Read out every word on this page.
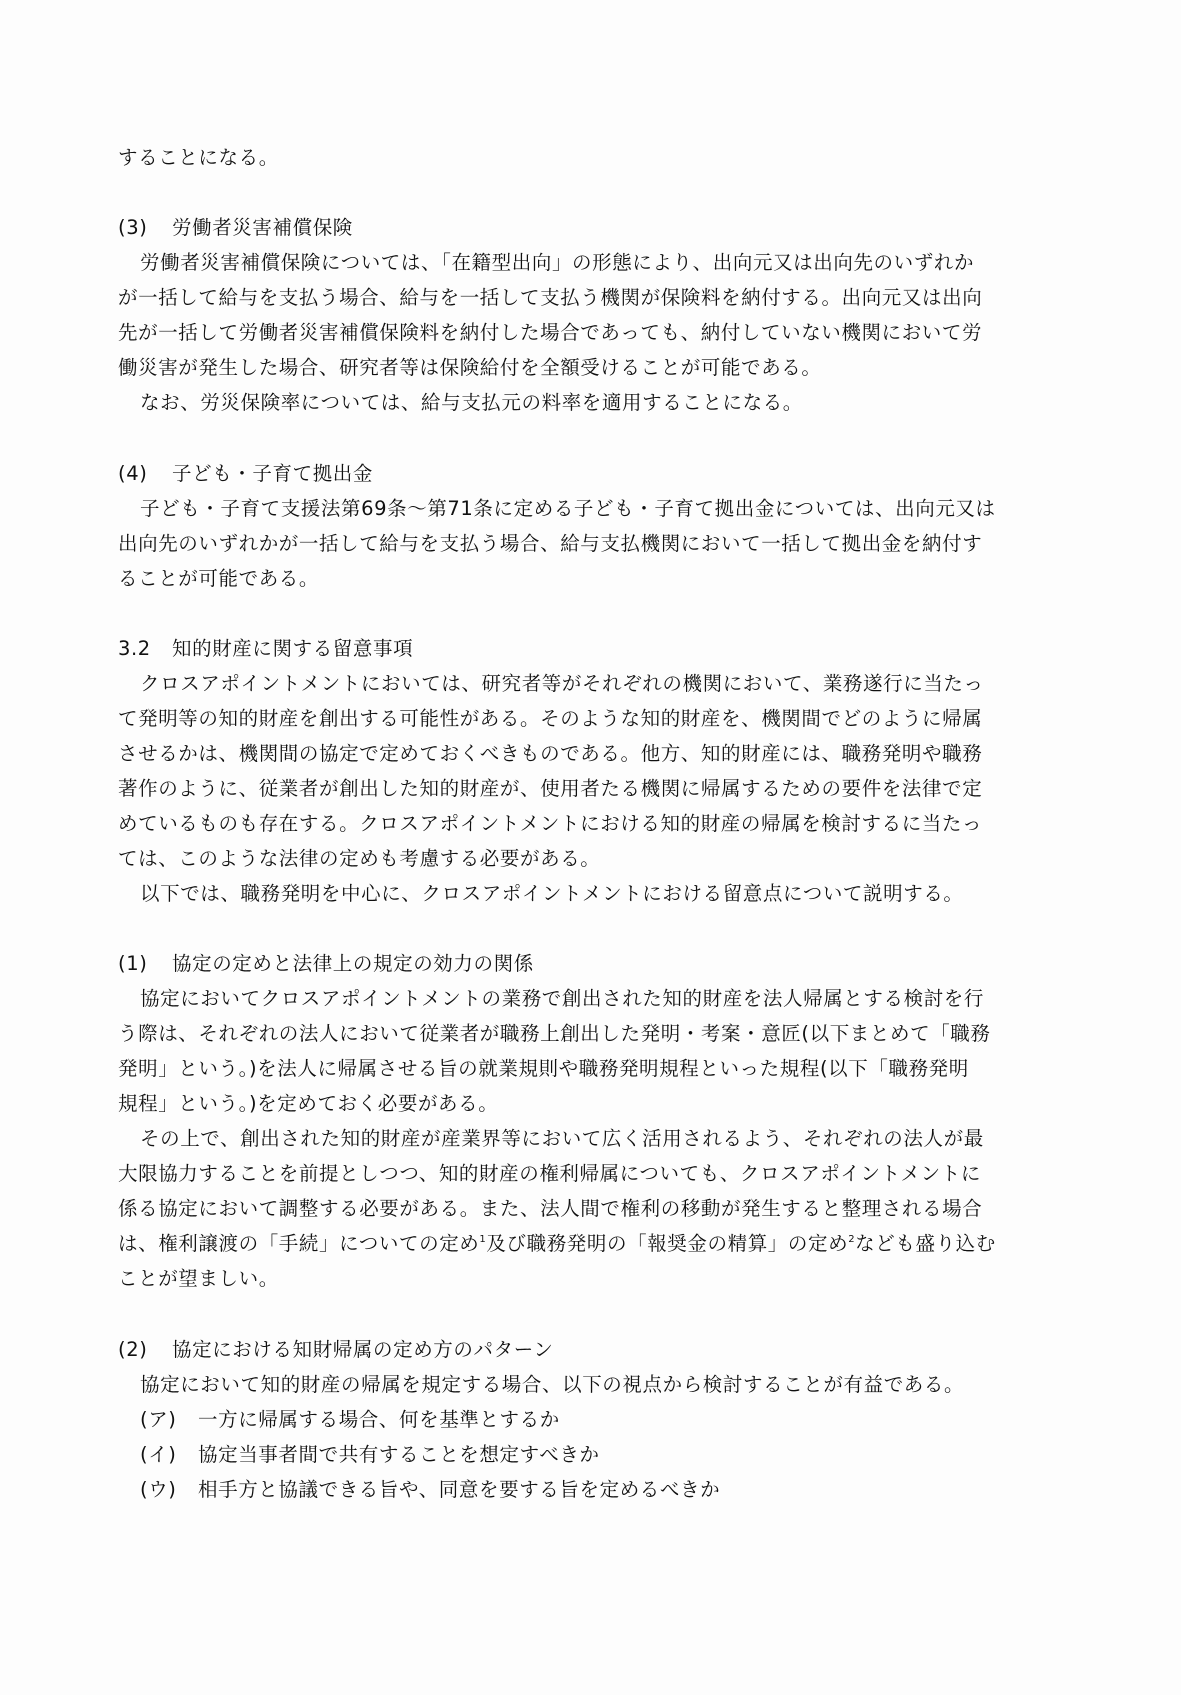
することになる。
(3) 労働者災害補償保険
労働者災害補償保険については、「在籍型出向」の形態により、出向元又は出向先のいずれか
が一括して給与を支払う場合、給与を一括して支払う機関が保険料を納付する。出向元又は出向
先が一括して労働者災害補償保険料を納付した場合であっても、納付していない機関において労
働災害が発生した場合、研究者等は保険給付を全額受けることが可能である。
なお、労災保険率については、給与支払元の料率を適用することになる。
(4) 子ども・子育て拠出金
子ども・子育て支援法第69条～第71条に定める子ども・子育て拠出金については、出向元又は
出向先のいずれかが一括して給与を支払う場合、給与支払機関において一括して拠出金を納付す
ることが可能である。
3.2 知的財産に関する留意事項
クロスアポイントメントにおいては、研究者等がそれぞれの機関において、業務遂行に当たっ
て発明等の知的財産を創出する可能性がある。そのような知的財産を、機関間でどのように帰属
させるかは、機関間の協定で定めておくべきものである。他方、知的財産には、職務発明や職務
著作のように、従業者が創出した知的財産が、使用者たる機関に帰属するための要件を法律で定
めているものも存在する。クロスアポイントメントにおける知的財産の帰属を検討するに当たっ
ては、このような法律の定めも考慮する必要がある。
以下では、職務発明を中心に、クロスアポイントメントにおける留意点について説明する。
(1) 協定の定めと法律上の規定の効力の関係
協定においてクロスアポイントメントの業務で創出された知的財産を法人帰属とする検討を行
う際は、それぞれの法人において従業者が職務上創出した発明・考案・意匠(以下まとめて「職務
発明」という。)を法人に帰属させる旨の就業規則や職務発明規程といった規程(以下「職務発明
規程」という。)を定めておく必要がある。
その上で、創出された知的財産が産業界等において広く活用されるよう、それぞれの法人が最
大限協力することを前提としつつ、知的財産の権利帰属についても、クロスアポイントメントに
係る協定において調整する必要がある。また、法人間で権利の移動が発生すると整理される場合
は、権利譲渡の「手続」についての定め$^1$及び職務発明の「報奨金の精算」の定め$^2$なども盛り込む
ことが望ましい。
(2) 協定における知財帰属の定め方のパターン
協定において知的財産の帰属を規定する場合、以下の視点から検討することが有益である。
(ア) 一方に帰属する場合、何を基準とするか
(イ) 協定当事者間で共有することを想定すべきか
(ウ) 相手方と協議できる旨や、同意を要する旨を定めるべきか
